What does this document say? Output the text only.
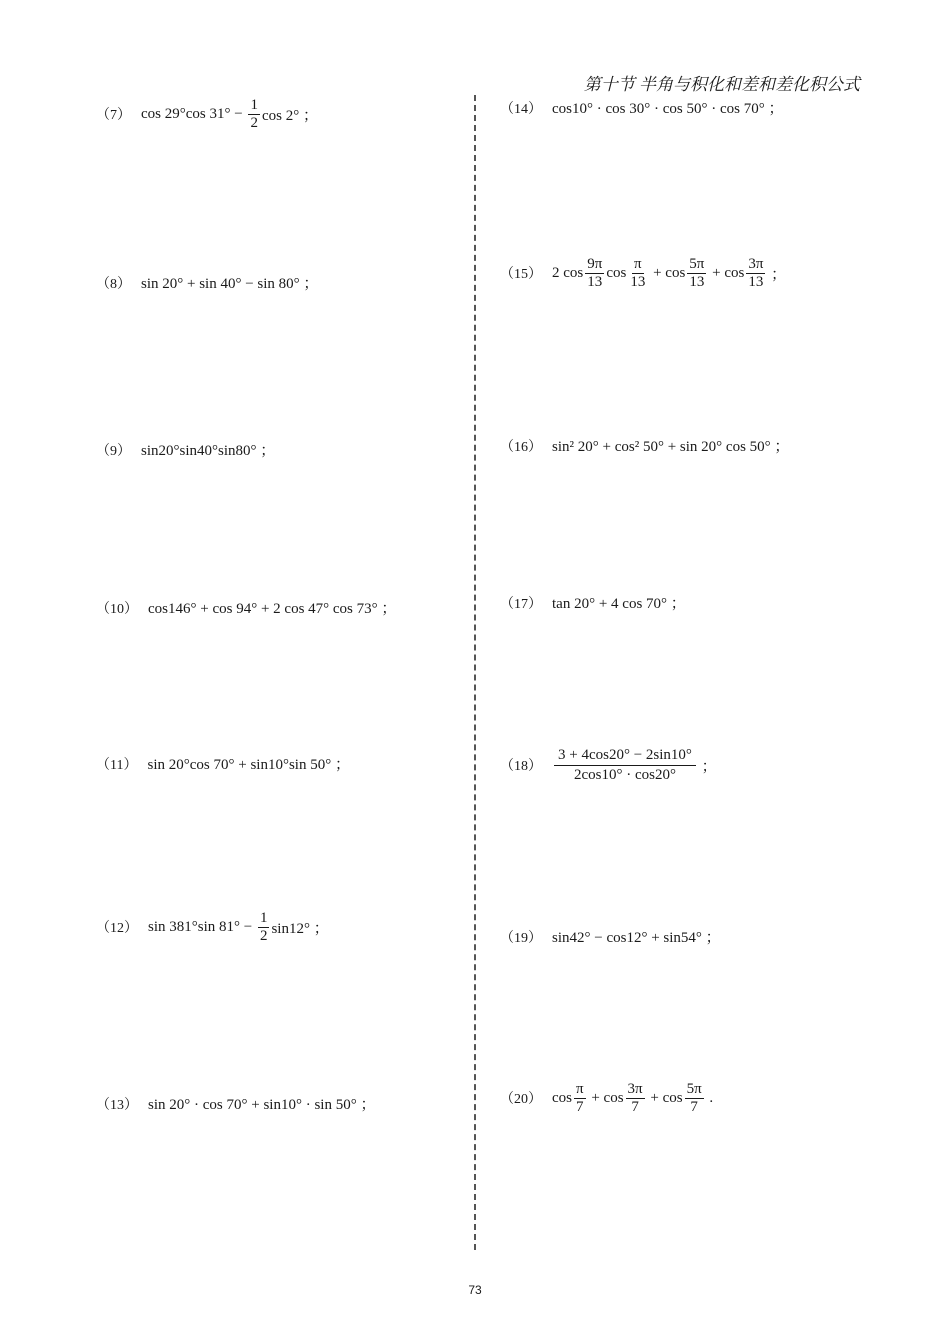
第十节 半角与积化和差和差化积公式
（7） cos 29°cos $31^\circ - \frac{1}{2}$ cos 2° ；
（8） sin 20° + sin 40° − sin 80° ；
（9） sin20°sin40°sin80° ；
（10） cos146° + cos 94° + 2 cos 47° cos 73° ；
（11） sin 20°cos 70° + sin10°sin 50° ；
（12） sin 381°sin $81^\circ - \frac{1}{2} \sin 12^\circ$ ；
（13） sin 20° · cos 70° + sin10° · sin 50° ；
（14） cos10° · cos 30° · cos 50° · cos 70° ；
（15） 2 $\cos \frac{9\pi}{13}$ $\cos \frac{\pi}{13} + \cos \frac{5\pi}{13} + \cos \frac{3\pi}{13}$ ；
（16） sin² 20° + cos² 50° + sin 20° cos 50° ；
（17） tan 20° + 4 cos 70° ；
$(18) \frac{3 + 4\cos 20^\circ - 2\sin 10^\circ}{2\cos 10^\circ \cdot \cos 20^\circ}$ ；
（19） sin42° − cos12° + sin54° ；
（20） $\cos \frac{\pi}{7} + \cos \frac{3\pi}{7} + \cos \frac{5\pi}{7}$ .
73
